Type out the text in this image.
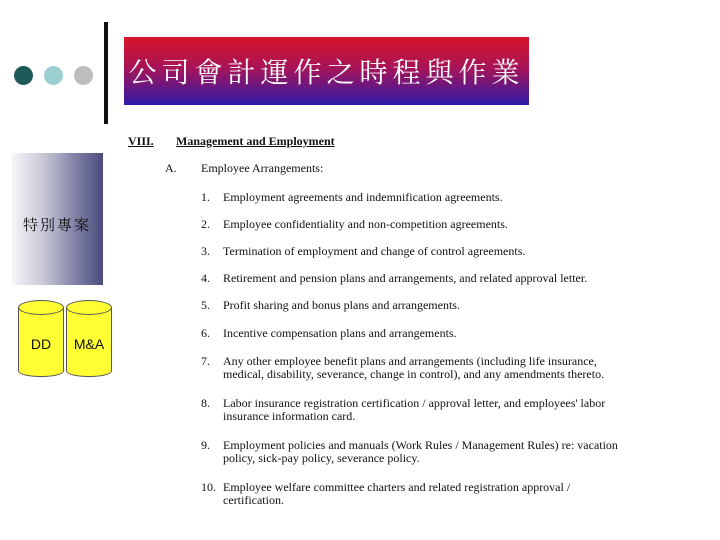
公司會計運作之時程與作業
特別專案
DD	M&A
VIII. Management and Employment
A. Employee Arrangements:
1.	Employment agreements and indemnification agreements.
2.	Employee confidentiality and non-competition agreements.
3.	Termination of employment and change of control agreements.
4.	Retirement and pension plans and arrangements, and related approval letter.
5.	Profit sharing and bonus plans and arrangements.
6.	Incentive compensation plans and arrangements.
7.	Any other employee benefit plans and arrangements (including life insurance, medical, disability, severance, change in control), and any amendments thereto.
8.	Labor insurance registration certification / approval letter, and employees' labor insurance information card.
9.	Employment policies and manuals (Work Rules / Management Rules) re: vacation policy, sick-pay policy, severance policy.
10. Employee welfare committee charters and related registration approval / certification.
